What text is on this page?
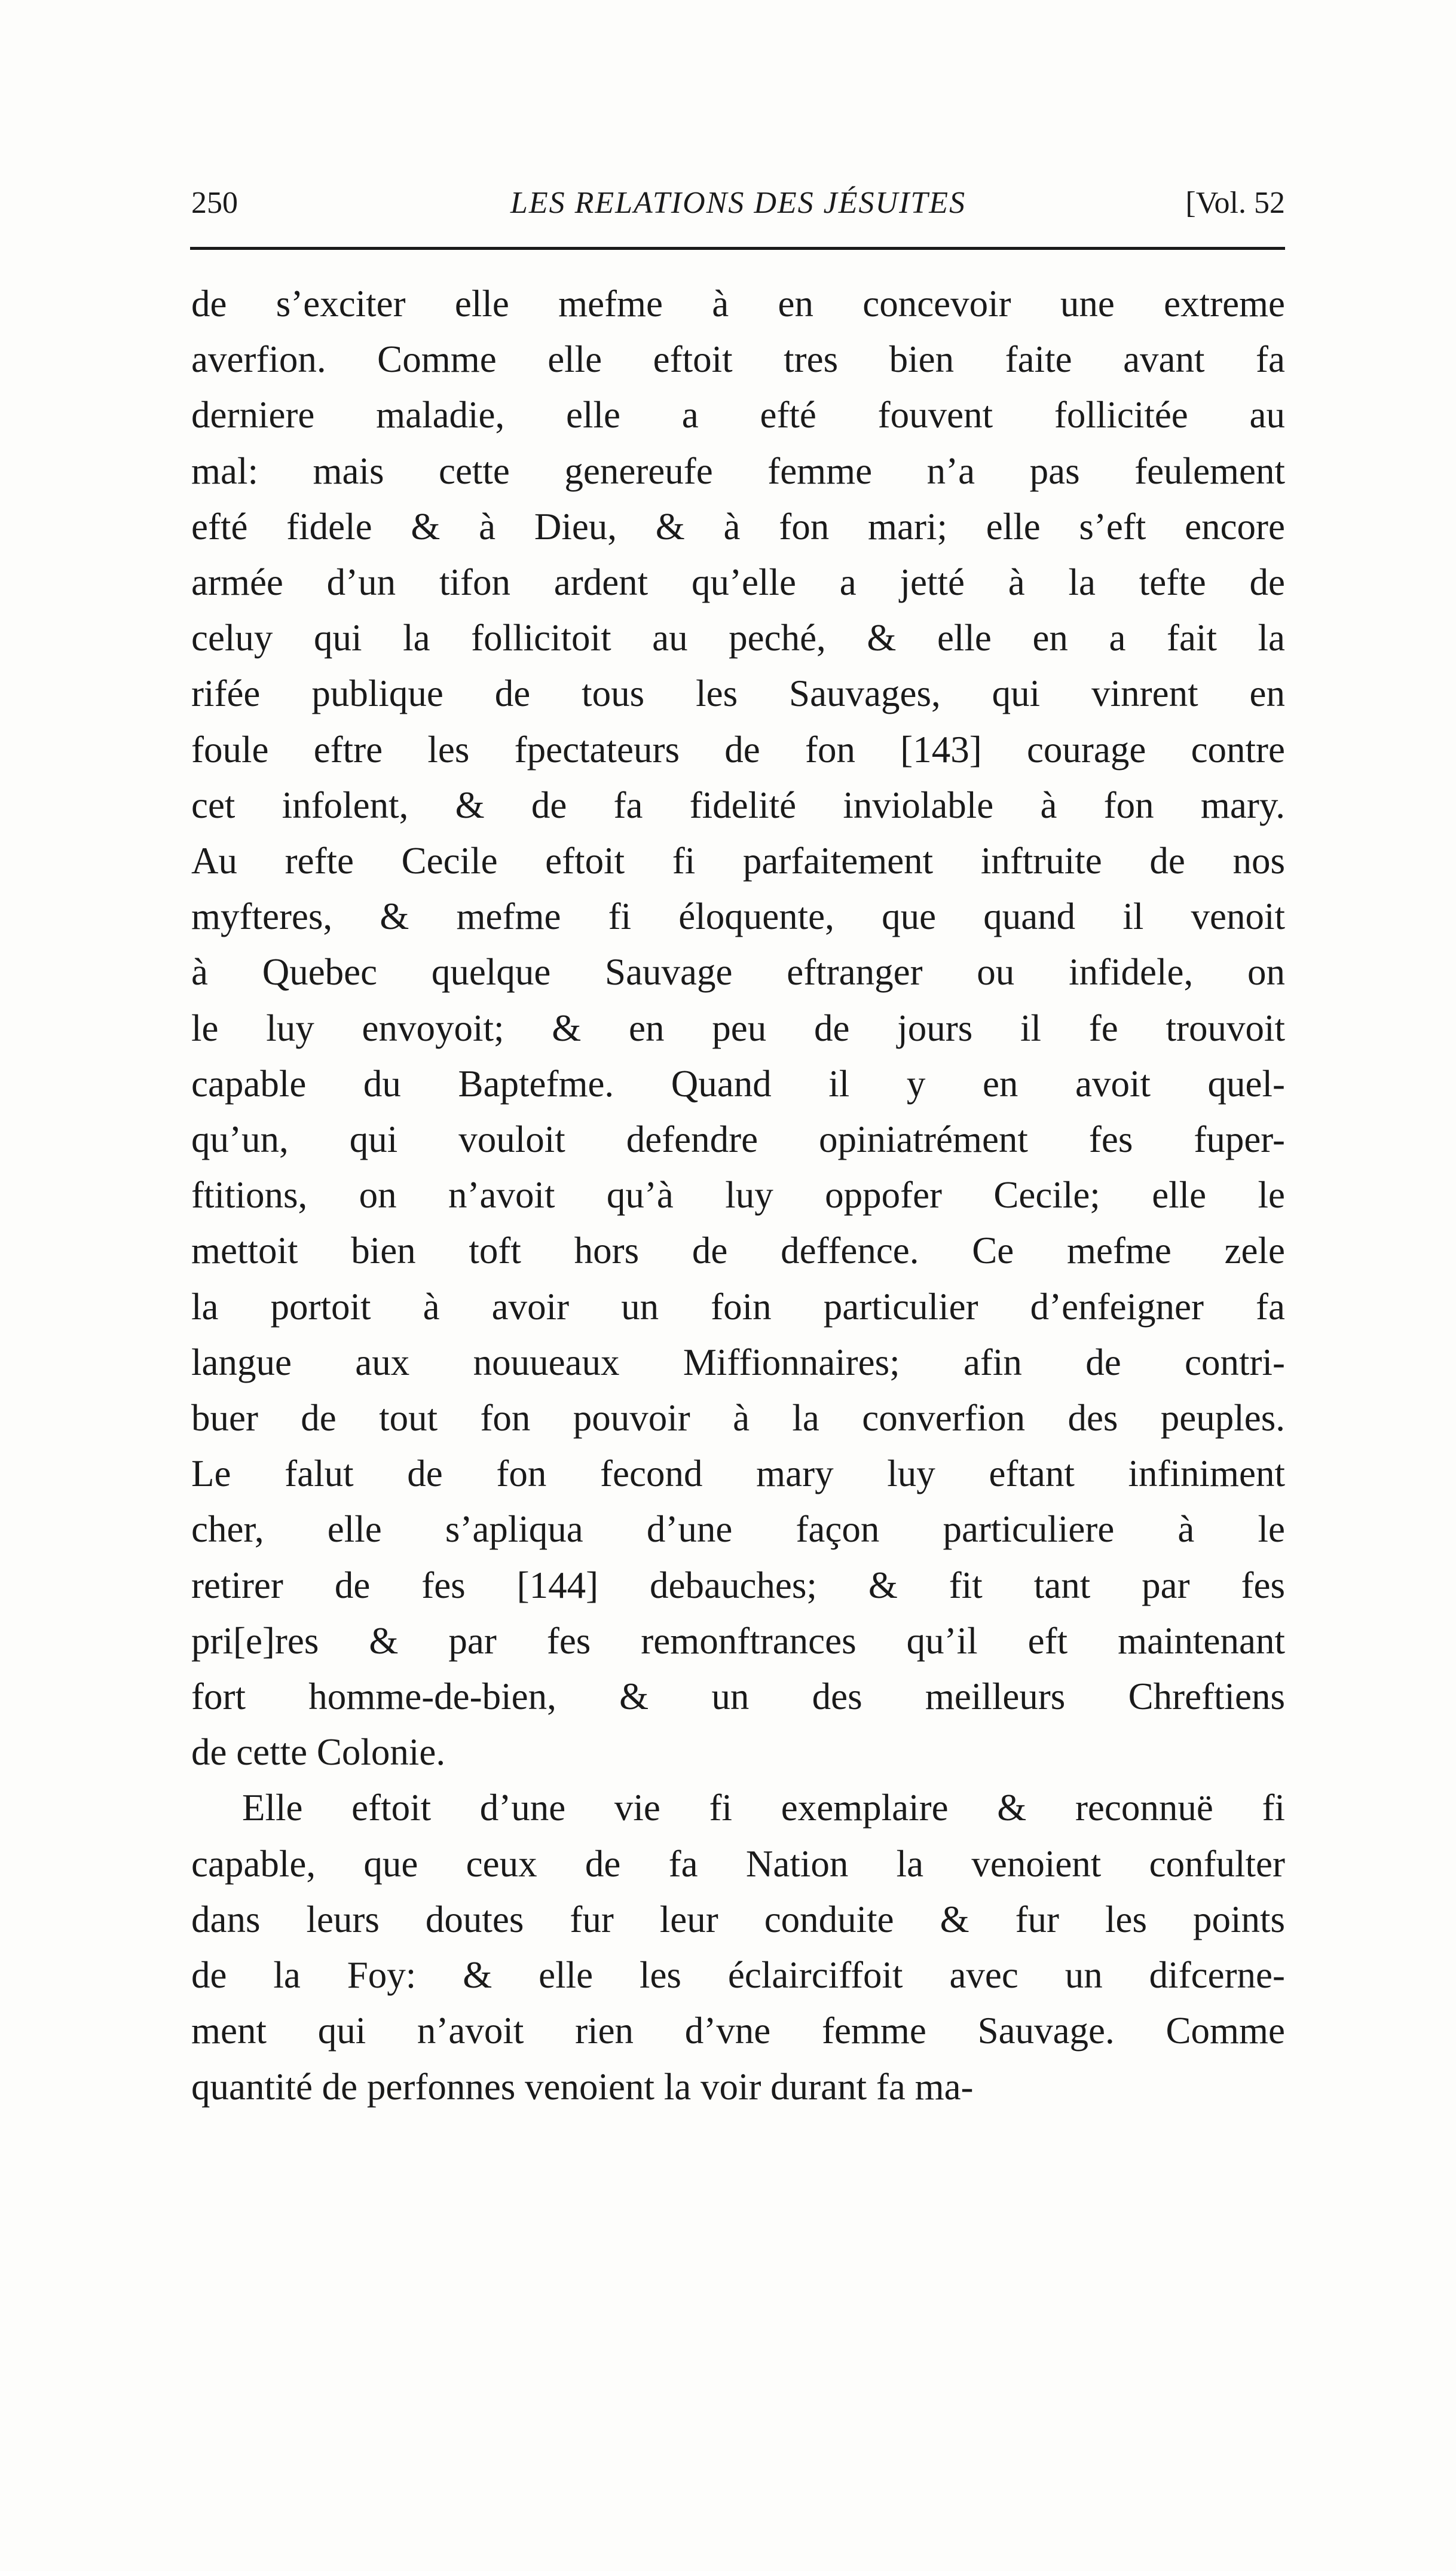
250	LES RELATIONS DES JÉSUITES	[Vol. 52
de s’exciter elle mefme à en concevoir une extreme
averfion. Comme elle eftoit tres bien faite avant fa
derniere maladie, elle a efté fouvent follicitée au
mal: mais cette genereufe femme n’a pas feulement
efté fidele & à Dieu, & à fon mari; elle s’eft encore
armée d’un tifon ardent qu’elle a jetté à la tefte de
celuy qui la follicitoit au peché, & elle en a fait la
rifée publique de tous les Sauvages, qui vinrent en
foule eftre les fpectateurs de fon [143] courage contre
cet infolent, & de fa fidelité inviolable à fon mary.
Au refte Cecile eftoit fi parfaitement inftruite de nos
myfteres, & mefme fi éloquente, que quand il venoit
à Quebec quelque Sauvage eftranger ou infidele, on
le luy envoyoit; & en peu de jours il fe trouvoit
capable du Baptefme. Quand il y en avoit quel-
qu’un, qui vouloit defendre opiniatrément fes fuper-
ftitions, on n’avoit qu’à luy oppofer Cecile; elle le
mettoit bien toft hors de deffence. Ce mefme zele
la portoit à avoir un foin particulier d’enfeigner fa
langue aux nouueaux Miffionnaires; afin de contri-
buer de tout fon pouvoir à la converfion des peuples.
Le falut de fon fecond mary luy eftant infiniment
cher, elle s’apliqua d’une façon particuliere à le
retirer de fes [144] debauches; & fit tant par fes
pri[e]res & par fes remonftrances qu’il eft maintenant
fort homme-de-bien, & un des meilleurs Chreftiens
de cette Colonie.
Elle eftoit d’une vie fi exemplaire & reconnuë fi
capable, que ceux de fa Nation la venoient confulter
dans leurs doutes fur leur conduite & fur les points
de la Foy: & elle les éclairciffoit avec un difcerne-
ment qui n’avoit rien d’vne femme Sauvage. Comme
quantité de perfonnes venoient la voir durant fa ma-
